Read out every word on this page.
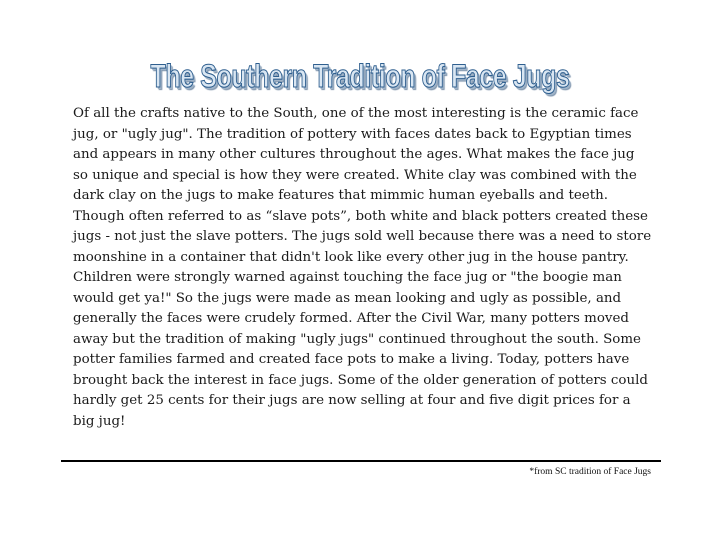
The Southern Tradition of Face Jugs

Of all the crafts native to the South, one of the most interesting is the ceramic face jug, or "ugly jug". The tradition of pottery with faces dates back to Egyptian times and appears in many other cultures throughout the ages. What makes the face jug so unique and special is how they were created. White clay was combined with the dark clay on the jugs to make features that mimmic human eyeballs and teeth. Though often referred to as “slave pots”, both white and black potters created these jugs - not just the slave potters. The jugs sold well because there was a need to store moonshine in a container that didn't look like every other jug in the house pantry. Children were strongly warned against touching the face jug or "the boogie man would get ya!" So the jugs were made as mean looking and ugly as possible, and generally the faces were crudely formed. After the Civil War, many potters moved away but the tradition of making "ugly jugs" continued throughout the south. Some potter families farmed and created face pots to make a living. Today, potters have brought back the interest in face jugs. Some of the older generation of potters could hardly get 25 cents for their jugs are now selling at four and five digit prices for a big jug!

*from SC tradition of Face Jugs
